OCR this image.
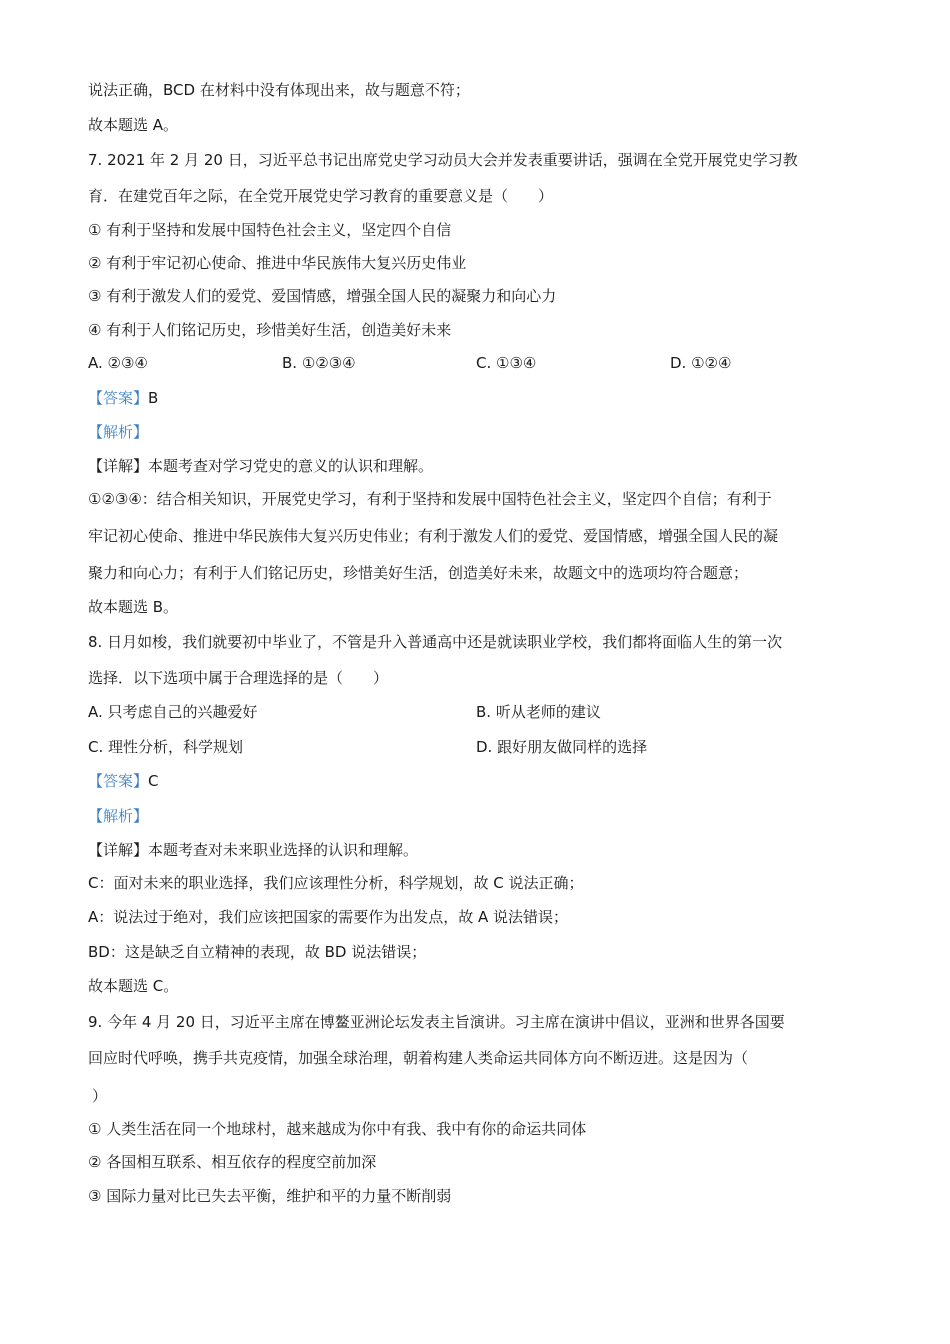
说法正确，BCD 在材料中没有体现出来，故与题意不符；
故本题选 A。
7. 2021 年 2 月 20 日，习近平总书记出席党史学习动员大会并发表重要讲话，强调在全党开展党史学习教
育．在建党百年之际，在全党开展党史学习教育的重要意义是（　　）
① 有利于坚持和发展中国特色社会主义，坚定四个自信
② 有利于牢记初心使命、推进中华民族伟大复兴历史伟业
③ 有利于激发人们的爱党、爱国情感，增强全国人民的凝聚力和向心力
④ 有利于人们铭记历史，珍惜美好生活，创造美好未来
A. ②③④	B. ①②③④	C. ①③④	D. ①②④
【答案】B
【解析】
【详解】本题考查对学习党史的意义的认识和理解。
①②③④：结合相关知识，开展党史学习，有利于坚持和发展中国特色社会主义，坚定四个自信；有利于
牢记初心使命、推进中华民族伟大复兴历史伟业；有利于激发人们的爱党、爱国情感，增强全国人民的凝
聚力和向心力；有利于人们铭记历史，珍惜美好生活，创造美好未来，故题文中的选项均符合题意；
故本题选 B。
8. 日月如梭，我们就要初中毕业了，不管是升入普通高中还是就读职业学校，我们都将面临人生的第一次
选择．以下选项中属于合理选择的是（　　）
A. 只考虑自己的兴趣爱好	B. 听从老师的建议
C. 理性分析，科学规划	D. 跟好朋友做同样的选择
【答案】C
【解析】
【详解】本题考查对未来职业选择的认识和理解。
C：面对未来的职业选择，我们应该理性分析，科学规划，故 C 说法正确；
A：说法过于绝对，我们应该把国家的需要作为出发点，故 A 说法错误；
BD：这是缺乏自立精神的表现，故 BD 说法错误；
故本题选 C。
9. 今年 4 月 20 日，习近平主席在博鳌亚洲论坛发表主旨演讲。习主席在演讲中倡议，亚洲和世界各国要
回应时代呼唤，携手共克疫情，加强全球治理，朝着构建人类命运共同体方向不断迈进。这是因为（
）
① 人类生活在同一个地球村，越来越成为你中有我、我中有你的命运共同体
② 各国相互联系、相互依存的程度空前加深
③ 国际力量对比已失去平衡，维护和平的力量不断削弱
